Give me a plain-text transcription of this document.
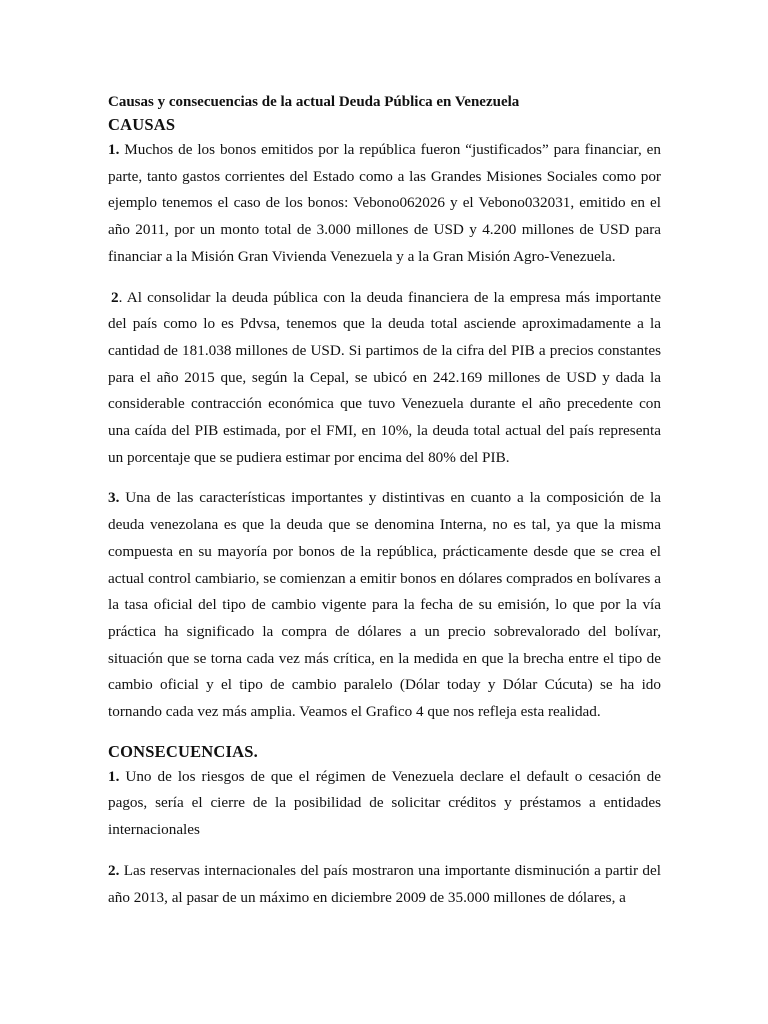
Causas y consecuencias de la actual Deuda Pública en Venezuela

CAUSAS

1. Muchos de los bonos emitidos por la república fueron “justificados” para financiar, en parte, tanto gastos corrientes del Estado como a las Grandes Misiones Sociales como por ejemplo tenemos el caso de los bonos: Vebono062026 y el Vebono032031, emitido en el año 2011, por un monto total de 3.000 millones de USD y 4.200 millones de USD para financiar a la Misión Gran Vivienda Venezuela y a la Gran Misión Agro-Venezuela.

2. Al consolidar la deuda pública con la deuda financiera de la empresa más importante del país como lo es Pdvsa, tenemos que la deuda total asciende aproximadamente a la cantidad de 181.038 millones de USD. Si partimos de la cifra del PIB a precios constantes para el año 2015 que, según la Cepal, se ubicó en 242.169 millones de USD y dada la considerable contracción económica que tuvo Venezuela durante el año precedente con una caída del PIB estimada, por el FMI, en 10%, la deuda total actual del país representa un porcentaje que se pudiera estimar por encima del 80% del PIB.

3. Una de las características importantes y distintivas en cuanto a la composición de la deuda venezolana es que la deuda que se denomina Interna, no es tal, ya que la misma compuesta en su mayoría por bonos de la república, prácticamente desde que se crea el actual control cambiario, se comienzan a emitir bonos en dólares comprados en bolívares a la tasa oficial del tipo de cambio vigente para la fecha de su emisión, lo que por la vía práctica ha significado la compra de dólares a un precio sobrevalorado del bolívar, situación que se torna cada vez más crítica, en la medida en que la brecha entre el tipo de cambio oficial y el tipo de cambio paralelo (Dólar today y Dólar Cúcuta) se ha ido tornando cada vez más amplia. Veamos el Grafico 4 que nos refleja esta realidad.

CONSECUENCIAS.

1. Uno de los riesgos de que el régimen de Venezuela declare el default o cesación de pagos, sería el cierre de la posibilidad de solicitar créditos y préstamos a entidades internacionales

2. Las reservas internacionales del país mostraron una importante disminución a partir del año 2013, al pasar de un máximo en diciembre 2009 de 35.000 millones de dólares, a
